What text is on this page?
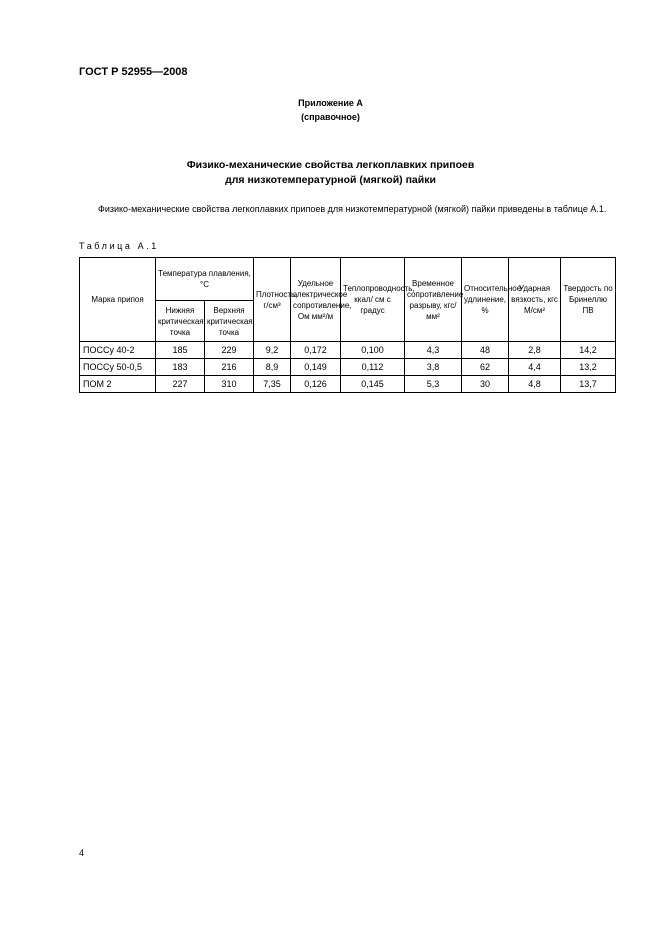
ГОСТ Р 52955—2008
Приложение А
(справочное)
Физико-механические свойства легкоплавких припоев
для низкотемпературной (мягкой) пайки

Физико-механические свойства легкоплавких припоев для низкотемпературной (мягкой) пайки приведены в таблице А.1.

Таблица А.1
Марка припоя	Температура плавления, °С		Плотность, г/см³	Удельное электрическое сопротивление, Ом мм²/м	Теплопроводность, ккал/ см с градус	Временное сопротивление разрыву, кгс/мм²	Относительное удлинение, %	Ударная вязкость, кгс М/см²	Твердость по Бринеллю ПВ
	Нижняя критическая точка	Верхняя критическая точка							
ПОССу 40-2	185	229	9,2	0,172	0,100	4,3	48	2,8	14,2
ПОССу 50-0,5	183	216	8,9	0,149	0,112	3,8	62	4,4	13,2
ПОМ 2	227	310	7,35	0,126	0,145	5,3	30	4,8	13,7
4
